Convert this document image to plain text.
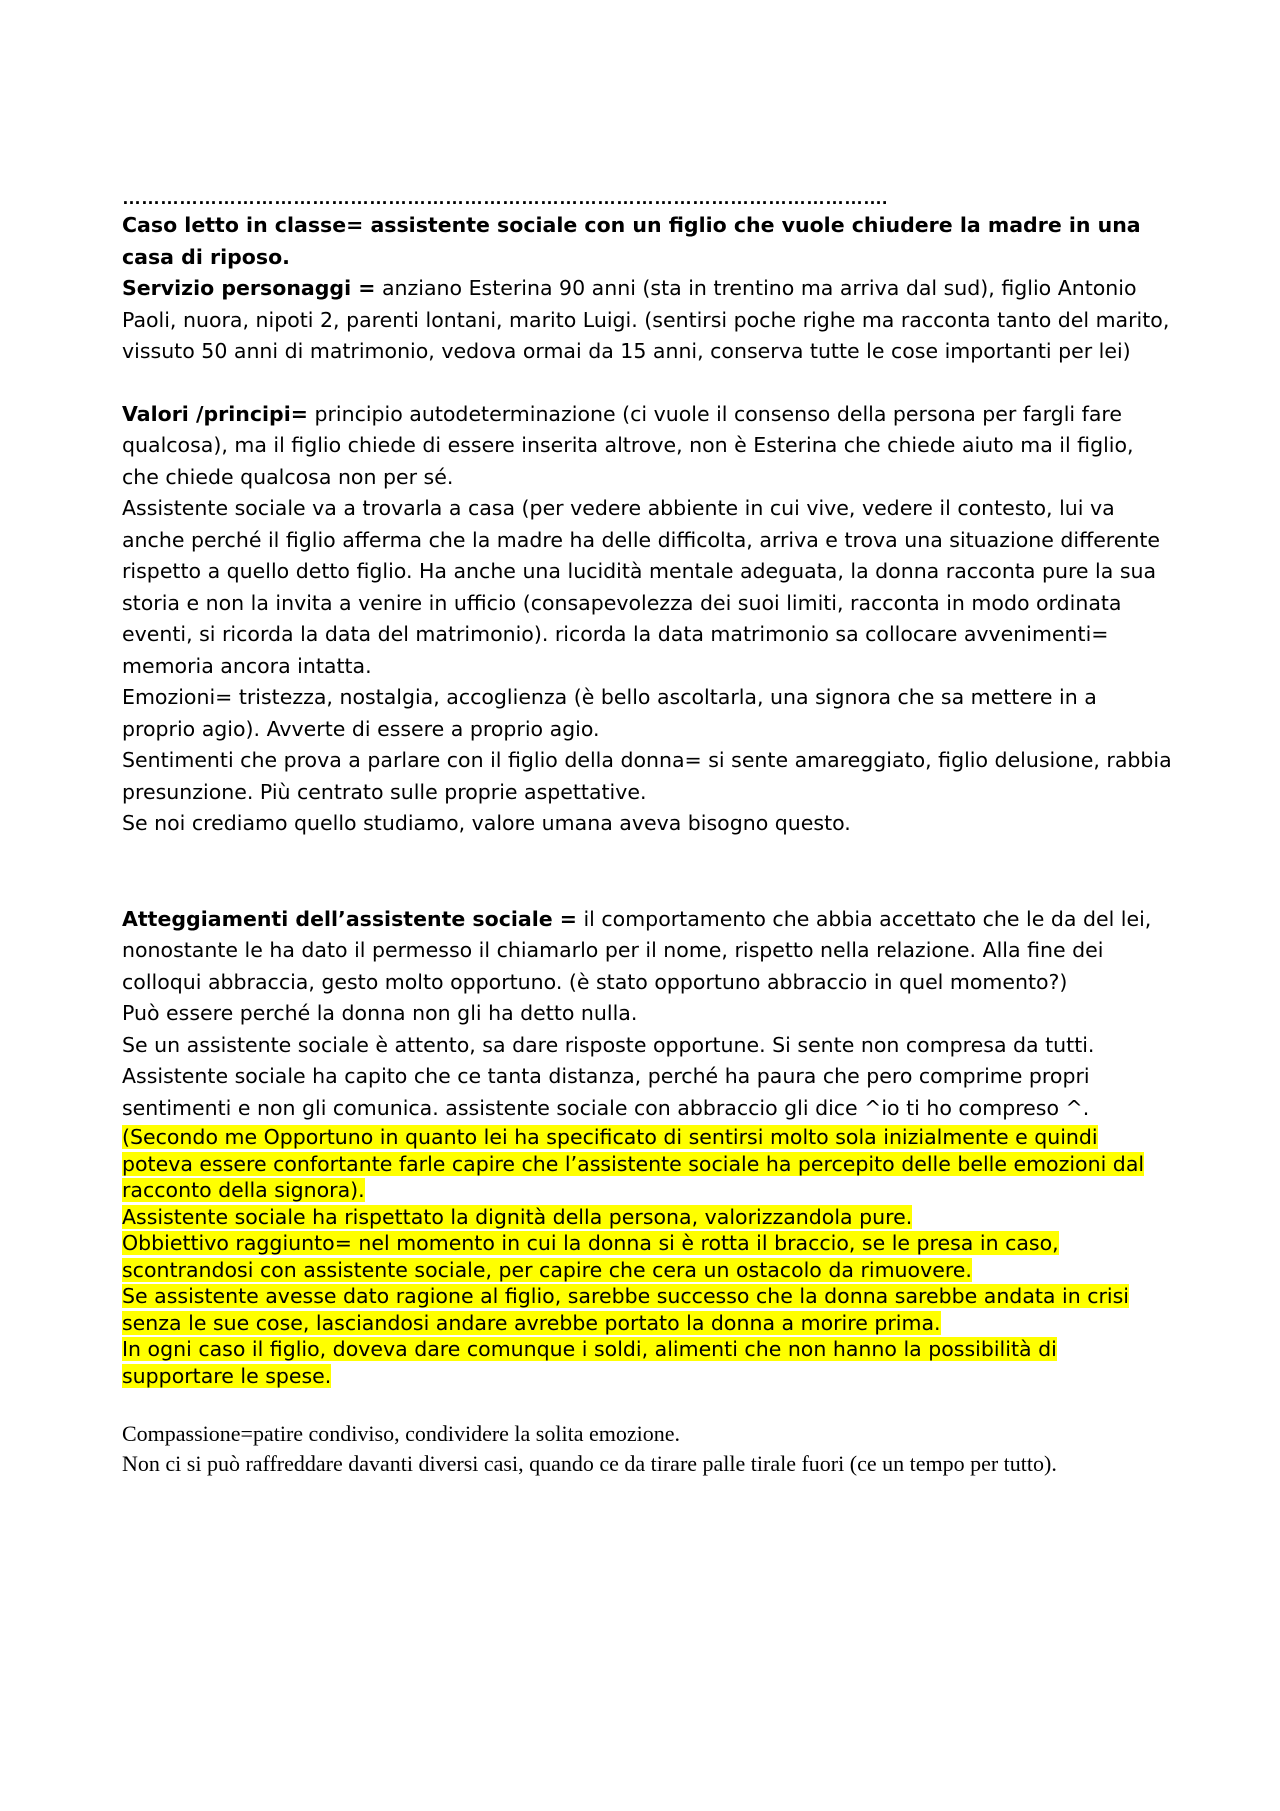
………………………………………………………………………………………………………….

Caso letto in classe= assistente sociale con un figlio che vuole chiudere la madre in una casa di riposo.

Servizio personaggi = anziano Esterina 90 anni (sta in trentino ma arriva dal sud), figlio Antonio Paoli, nuora, nipoti 2, parenti lontani, marito Luigi. (sentirsi poche righe ma racconta tanto del marito, vissuto 50 anni di matrimonio, vedova ormai da 15 anni, conserva tutte le cose importanti per lei)

Valori /principi= principio autodeterminazione (ci vuole il consenso della persona per fargli fare qualcosa), ma il figlio chiede di essere inserita altrove, non è Esterina che chiede aiuto ma il figlio, che chiede qualcosa non per sé.

Assistente sociale va a trovarla a casa (per vedere abbiente in cui vive, vedere il contesto, lui va anche perché il figlio afferma che la madre ha delle difficolta, arriva e trova una situazione differente rispetto a quello detto figlio. Ha anche una lucidità mentale adeguata, la donna racconta pure la sua storia e non la invita a venire in ufficio (consapevolezza dei suoi limiti, racconta in modo ordinata eventi, si ricorda la data del matrimonio). ricorda la data matrimonio sa collocare avvenimenti= memoria ancora intatta.

Emozioni= tristezza, nostalgia, accoglienza (è bello ascoltarla, una signora che sa mettere in a proprio agio). Avverte di essere a proprio agio.

Sentimenti che prova a parlare con il figlio della donna= si sente amareggiato, figlio delusione, rabbia presunzione. Più centrato sulle proprie aspettative.

Se noi crediamo quello studiamo, valore umana aveva bisogno questo.

Atteggiamenti dell’assistente sociale = il comportamento che abbia accettato che le da del lei, nonostante le ha dato il permesso il chiamarlo per il nome, rispetto nella relazione. Alla fine dei colloqui abbraccia, gesto molto opportuno. (è stato opportuno abbraccio in quel momento?)

Può essere perché la donna non gli ha detto nulla.

Se un assistente sociale è attento, sa dare risposte opportune. Si sente non compresa da tutti.

Assistente sociale ha capito che ce tanta distanza, perché ha paura che pero comprime propri sentimenti e non gli comunica. assistente sociale con abbraccio gli dice ^io ti ho compreso ^.

(Secondo me Opportuno in quanto lei ha specificato di sentirsi molto sola inizialmente e quindi poteva essere confortante farle capire che l’assistente sociale ha percepito delle belle emozioni dal racconto della signora).

Assistente sociale ha rispettato la dignità della persona, valorizzandola pure.

Obbiettivo raggiunto= nel momento in cui la donna si è rotta il braccio, se le presa in caso, scontrandosi con assistente sociale, per capire che cera un ostacolo da rimuovere.

Se assistente avesse dato ragione al figlio, sarebbe successo che la donna sarebbe andata in crisi senza le sue cose, lasciandosi andare avrebbe portato la donna a morire prima.

In ogni caso il figlio, doveva dare comunque i soldi, alimenti che non hanno la possibilità di supportare le spese.

Compassione=patire condiviso, condividere la solita emozione.

Non ci si può raffreddare davanti diversi casi, quando ce da tirare palle tirale fuori (ce un tempo per tutto).
